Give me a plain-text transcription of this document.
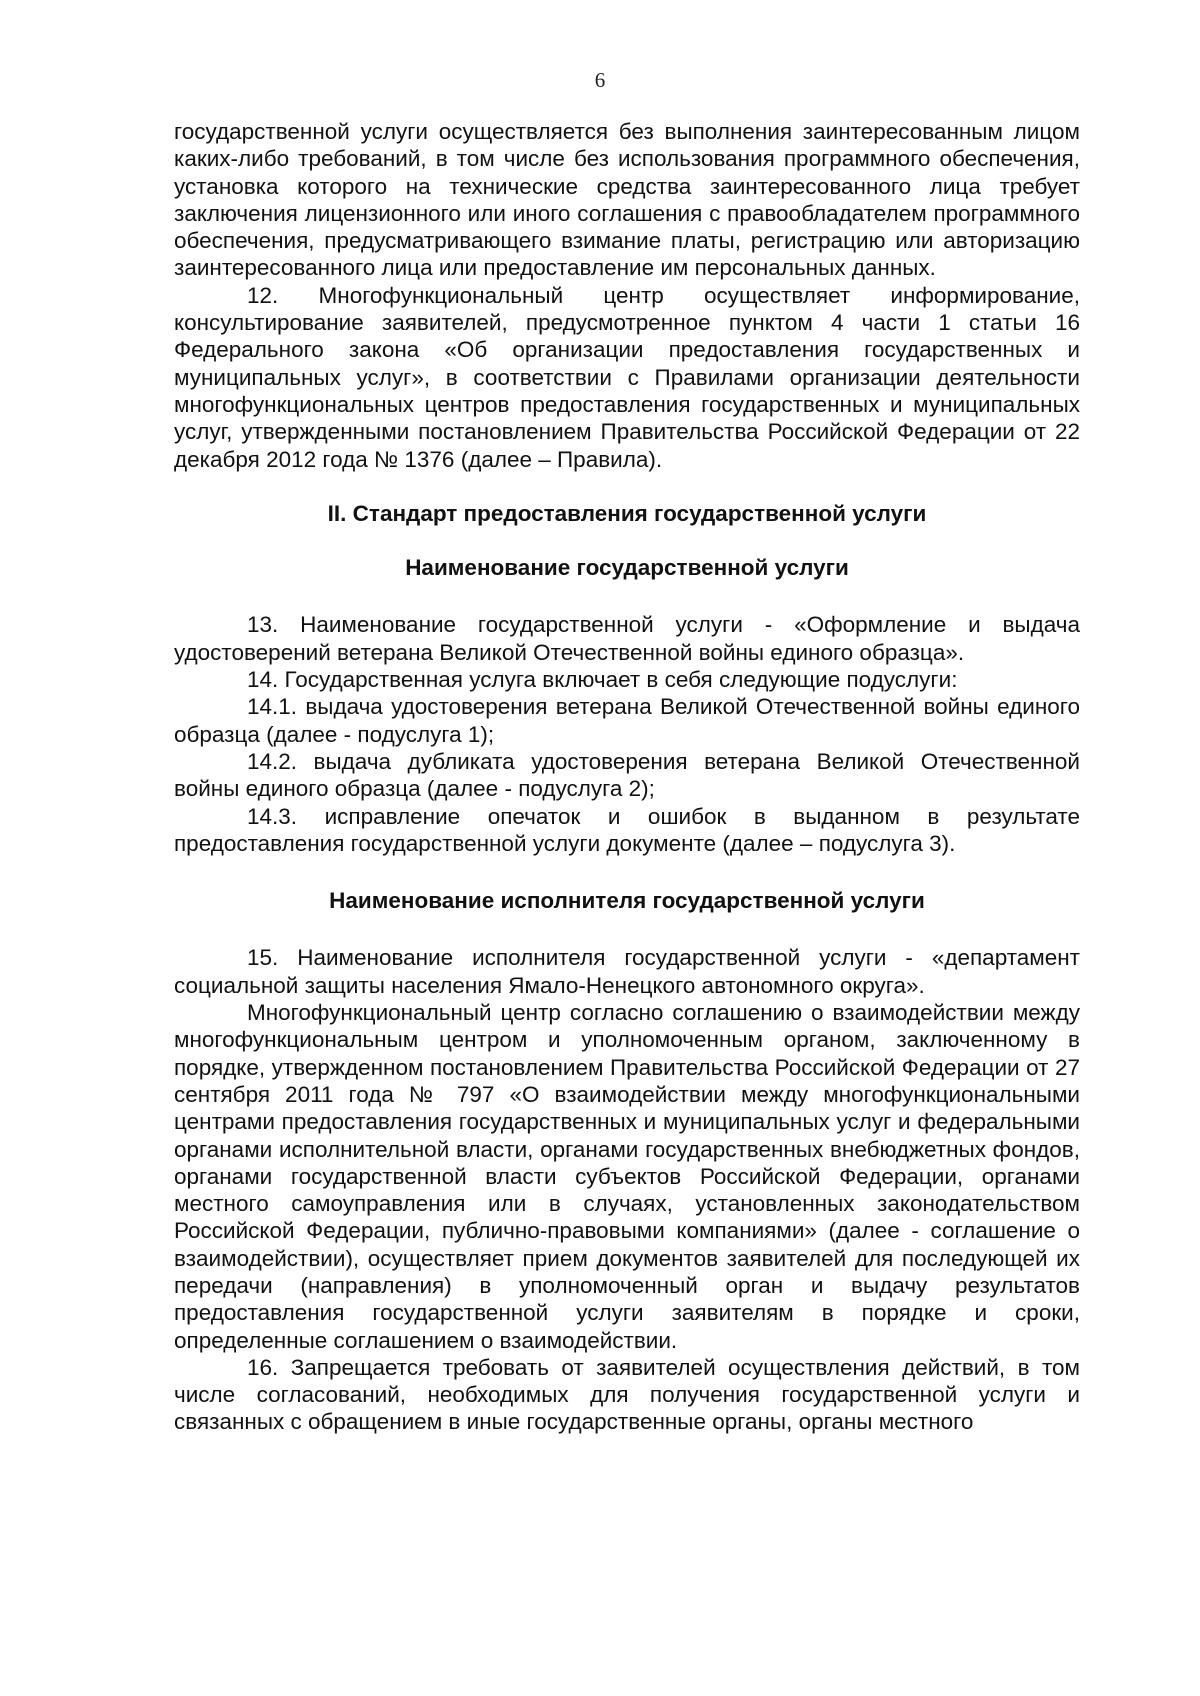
6

государственной услуги осуществляется без выполнения заинтересованным лицом каких-либо требований, в том числе без использования программного обеспечения, установка которого на технические средства заинтересованного лица требует заключения лицензионного или иного соглашения с правообладателем программного обеспечения, предусматривающего взимание платы, регистрацию или авторизацию заинтересованного лица или предоставление им персональных данных.

12. Многофункциональный центр осуществляет информирование, консультирование заявителей, предусмотренное пунктом 4 части 1 статьи 16 Федерального закона «Об организации предоставления государственных и муниципальных услуг», в соответствии с Правилами организации деятельности многофункциональных центров предоставления государственных и муниципальных услуг, утвержденными постановлением Правительства Российской Федерации от 22 декабря 2012 года № 1376 (далее – Правила).

II. Стандарт предоставления государственной услуги
Наименование государственной услуги

13. Наименование государственной услуги - «Оформление и выдача удостоверений ветерана Великой Отечественной войны единого образца».

14. Государственная услуга включает в себя следующие подуслуги:

14.1. выдача удостоверения ветерана Великой Отечественной войны единого образца (далее - подуслуга 1);

14.2. выдача дубликата удостоверения ветерана Великой Отечественной войны единого образца (далее - подуслуга 2);

14.3. исправление опечаток и ошибок в выданном в результате предоставления государственной услуги документе (далее – подуслуга 3).

Наименование исполнителя государственной услуги

15. Наименование исполнителя государственной услуги - «департамент социальной защиты населения Ямало-Ненецкого автономного округа».

Многофункциональный центр согласно соглашению о взаимодействии между многофункциональным центром и уполномоченным органом, заключенному в порядке, утвержденном постановлением Правительства Российской Федерации от 27 сентября 2011 года № 797 «О взаимодействии между многофункциональными центрами предоставления государственных и муниципальных услуг и федеральными органами исполнительной власти, органами государственных внебюджетных фондов, органами государственной власти субъектов Российской Федерации, органами местного самоуправления или в случаях, установленных законодательством Российской Федерации, публично-правовыми компаниями» (далее - соглашение о взаимодействии), осуществляет прием документов заявителей для последующей их передачи (направления) в уполномоченный орган и выдачу результатов предоставления государственной услуги заявителям в порядке и сроки, определенные соглашением о взаимодействии.

16. Запрещается требовать от заявителей осуществления действий, в том числе согласований, необходимых для получения государственной услуги и связанных с обращением в иные государственные органы, органы местного
